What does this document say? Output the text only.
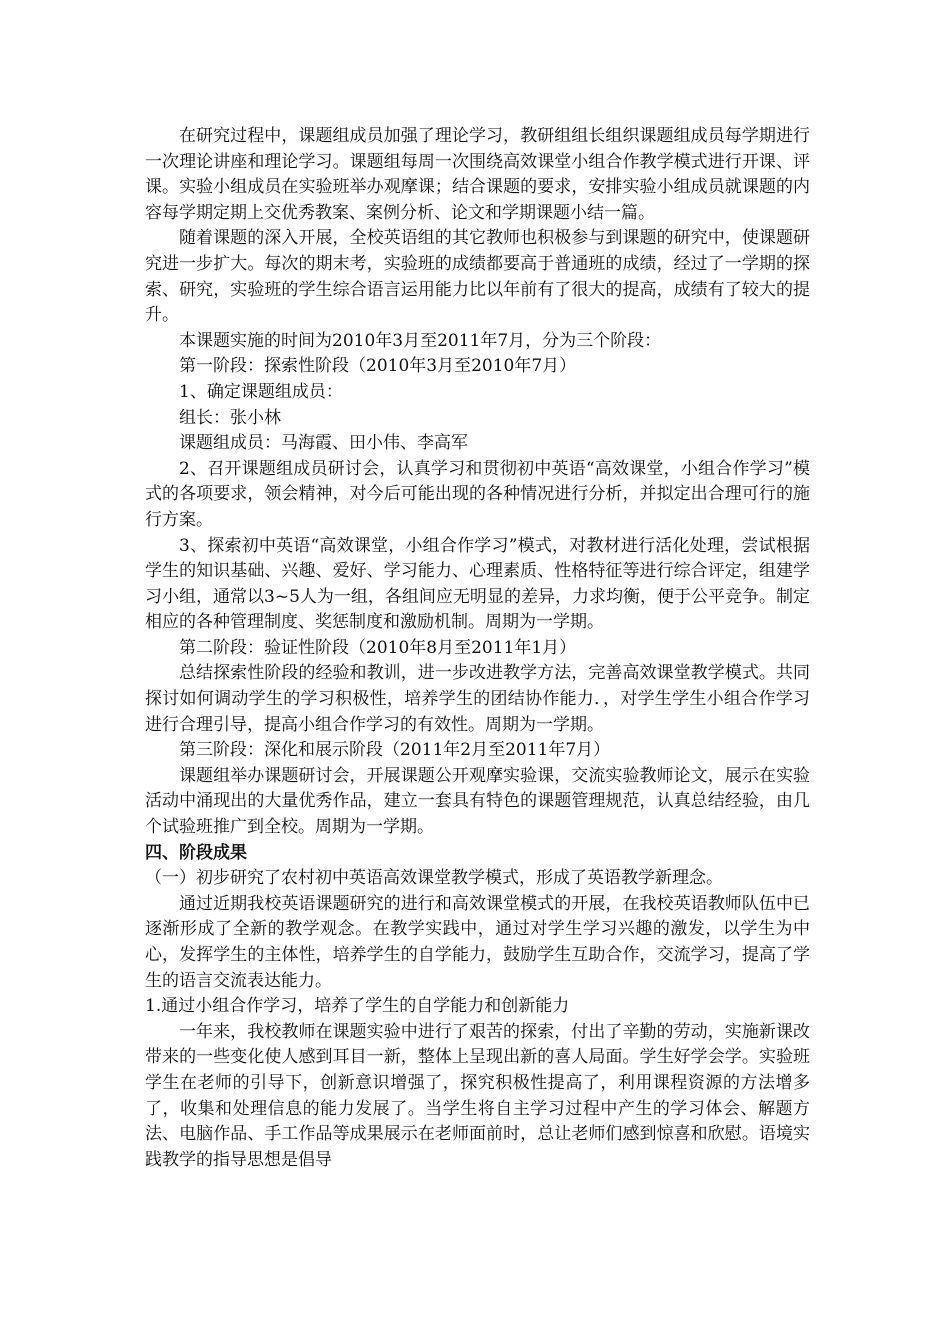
在研究过程中，课题组成员加强了理论学习，教研组组长组织课题组成员每学期进行一次理论讲座和理论学习。课题组每周一次围绕高效课堂小组合作教学模式进行开课、评课。实验小组成员在实验班举办观摩课；结合课题的要求，安排实验小组成员就课题的内容每学期定期上交优秀教案、案例分析、论文和学期课题小结一篇。

随着课题的深入开展，全校英语组的其它教师也积极参与到课题的研究中，使课题研究进一步扩大。每次的期末考，实验班的成绩都要高于普通班的成绩，经过了一学期的探索、研究，实验班的学生综合语言运用能力比以年前有了很大的提高，成绩有了较大的提升。

本课题实施的时间为2010年3月至2011年7月，分为三个阶段：

第一阶段：探索性阶段（2010年3月至2010年7月）

1、确定课题组成员：

组长：张小林

课题组成员：马海霞、田小伟、李高军

2、召开课题组成员研讨会，认真学习和贯彻初中英语“高效课堂，小组合作学习”模式的各项要求，领会精神，对今后可能出现的各种情况进行分析，并拟定出合理可行的施行方案。

3、探索初中英语“高效课堂，小组合作学习”模式，对教材进行活化处理，尝试根据学生的知识基础、兴趣、爱好、学习能力、心理素质、性格特征等进行综合评定，组建学习小组，通常以3~5人为一组，各组间应无明显的差异，力求均衡，便于公平竞争。制定相应的各种管理制度、奖惩制度和激励机制。周期为一学期。

第二阶段：验证性阶段（2010年8月至2011年1月）

总结探索性阶段的经验和教训，进一步改进教学方法，完善高效课堂教学模式。共同探讨如何调动学生的学习积极性，培养学生的团结协作能力．，对学生学生小组合作学习进行合理引导，提高小组合作学习的有效性。周期为一学期。

第三阶段：深化和展示阶段（2011年2月至2011年7月）

课题组举办课题研讨会，开展课题公开观摩实验课，交流实验教师论文，展示在实验活动中涌现出的大量优秀作品，建立一套具有特色的课题管理规范，认真总结经验，由几个试验班推广到全校。周期为一学期。

四、阶段成果

（一）初步研究了农村初中英语高效课堂教学模式，形成了英语教学新理念。

通过近期我校英语课题研究的进行和高效课堂模式的开展，在我校英语教师队伍中已逐渐形成了全新的教学观念。在教学实践中，通过对学生学习兴趣的激发，以学生为中心，发挥学生的主体性，培养学生的自学能力，鼓励学生互助合作，交流学习，提高了学生的语言交流表达能力。

1.通过小组合作学习，培养了学生的自学能力和创新能力

一年来，我校教师在课题实验中进行了艰苦的探索，付出了辛勤的劳动，实施新课改带来的一些变化使人感到耳目一新，整体上呈现出新的喜人局面。学生好学会学。实验班学生在老师的引导下，创新意识增强了，探究积极性提高了，利用课程资源的方法增多了，收集和处理信息的能力发展了。当学生将自主学习过程中产生的学习体会、解题方法、电脑作品、手工作品等成果展示在老师面前时，总让老师们感到惊喜和欣慰。语境实践教学的指导思想是倡导
